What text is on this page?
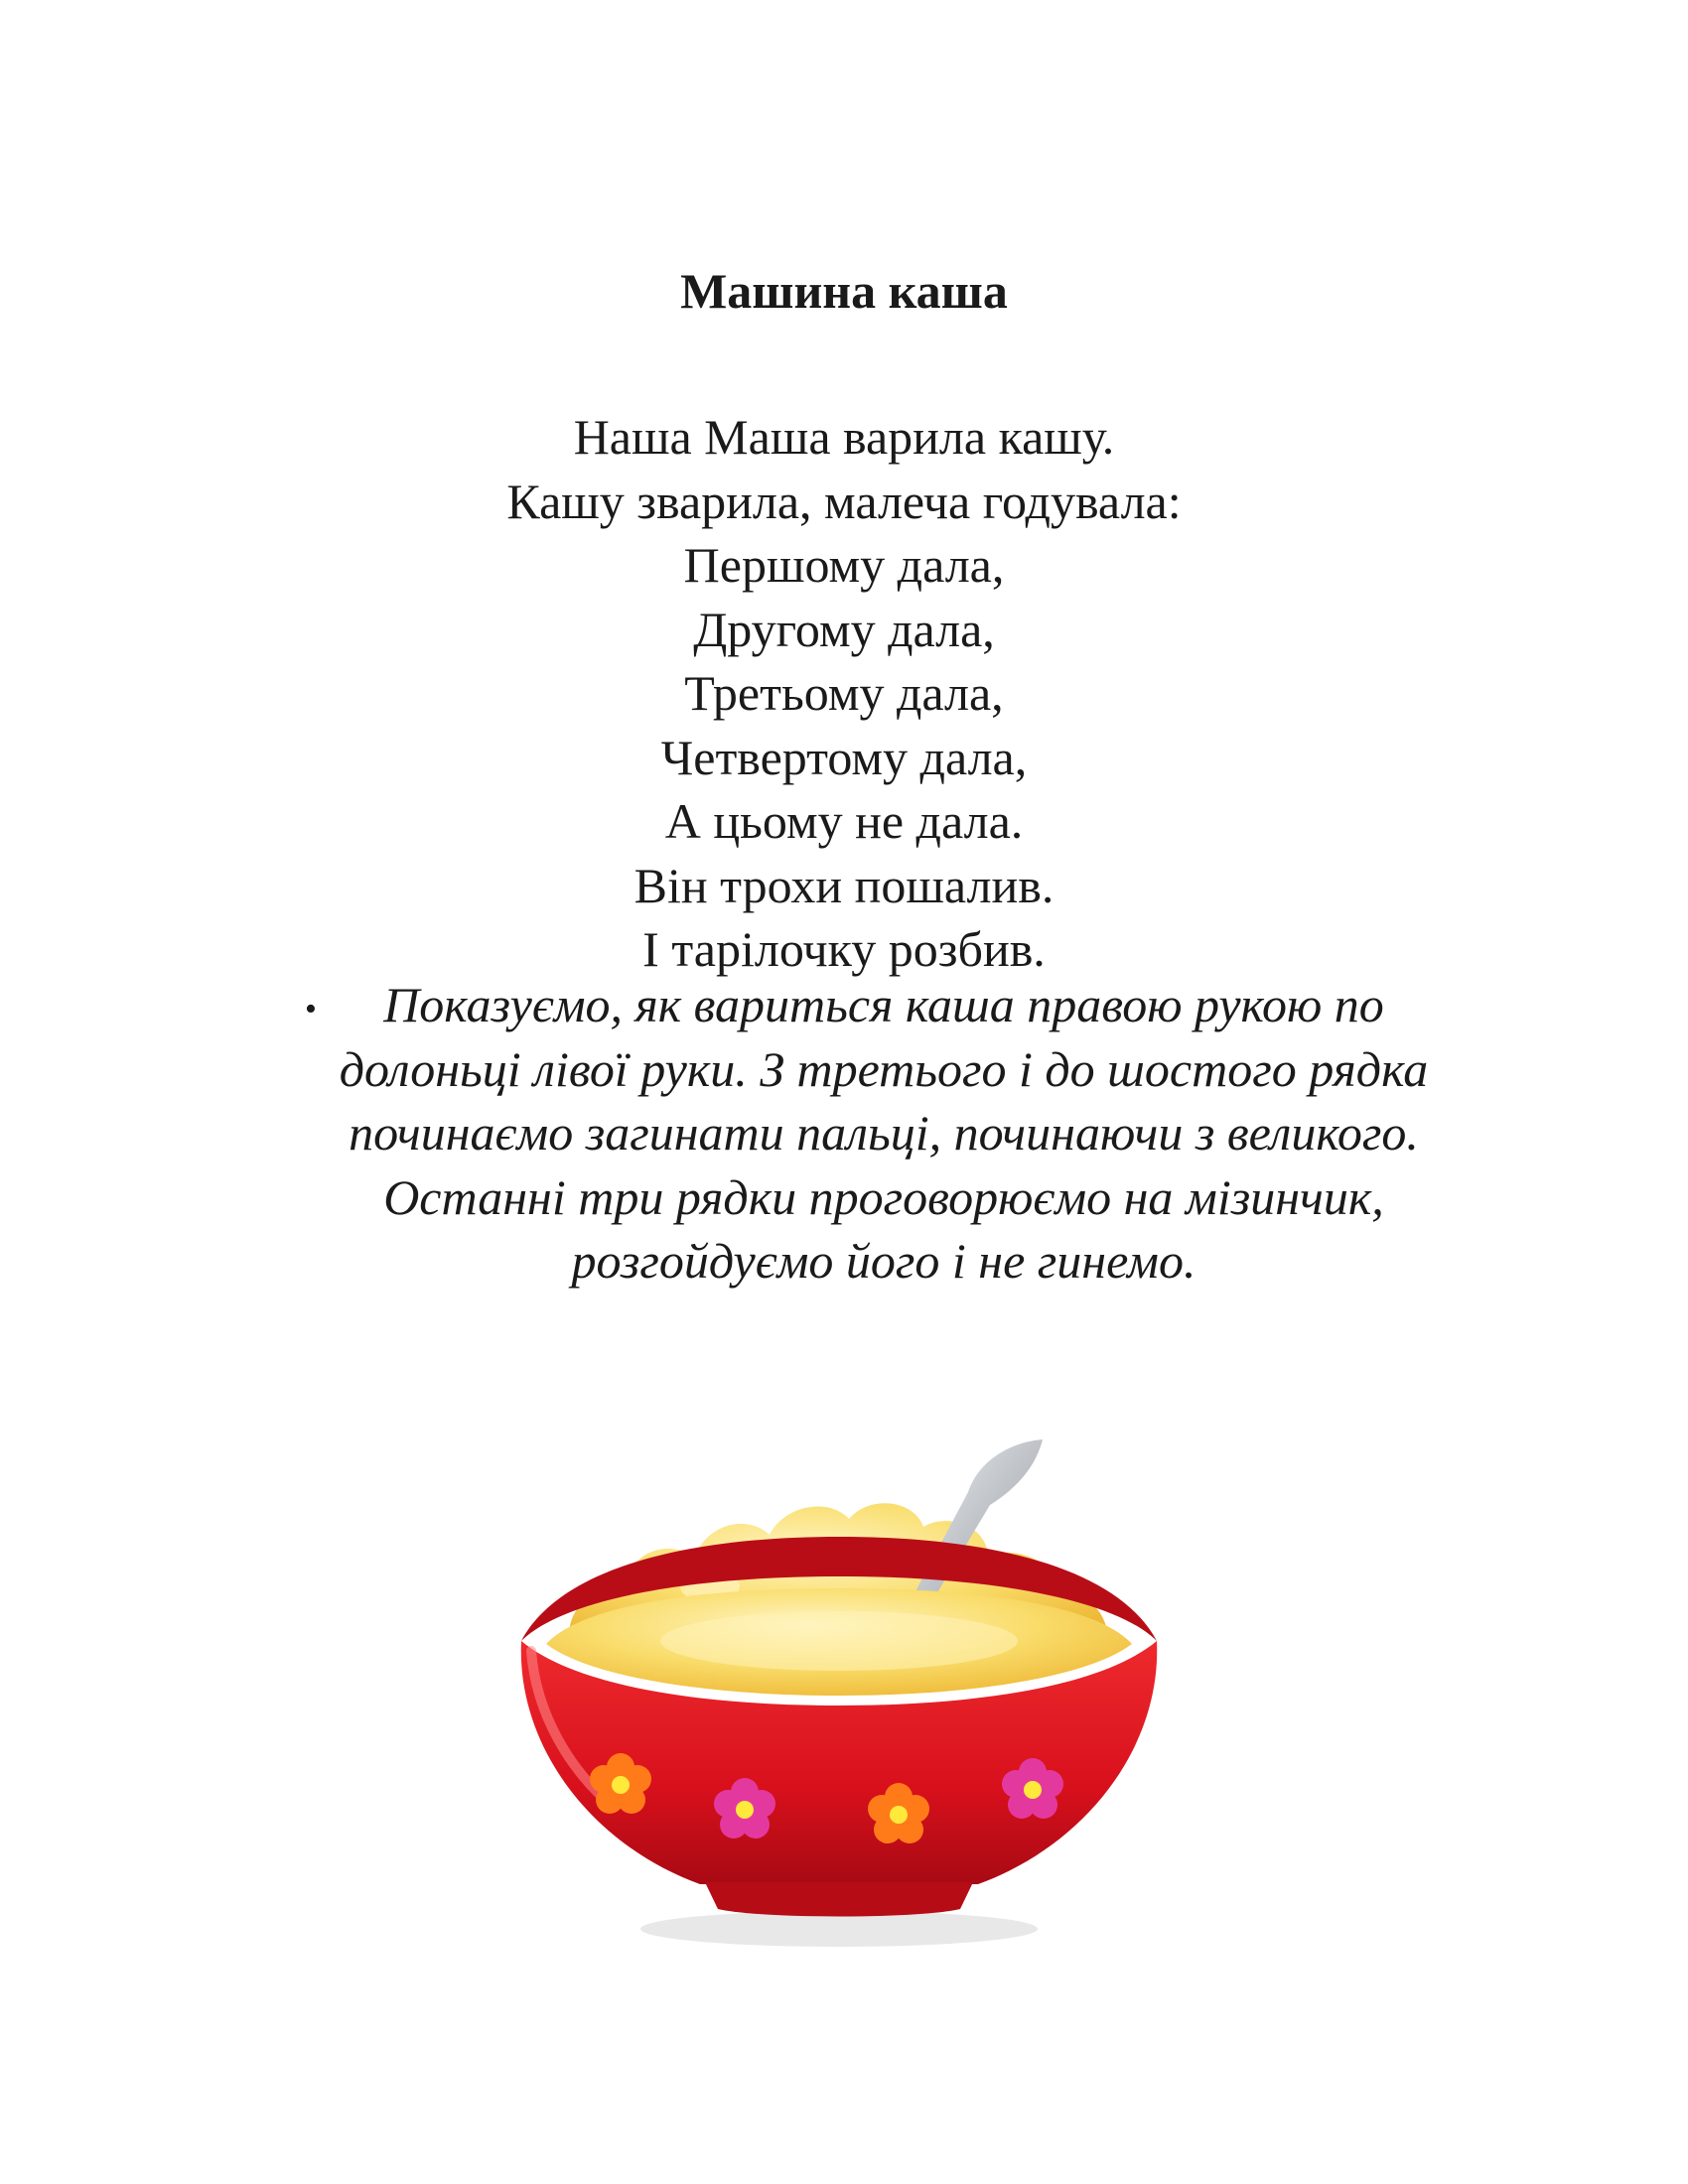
Машина каша
Наша Маша варила кашу.
Кашу зварила, малеча годувала:
Першому дала,
Другому дала,
Третьому дала,
Четвертому дала,
А цьому не дала.
Він трохи пошалив.
І тарілочку розбив.
•	Показуємо, як вариться каша правою рукою по долоньці лівої руки. З третього і до шостого рядка починаємо загинати пальці, починаючи з великого. Останні три рядки проговорюємо на мізинчик, розгойдуємо його і не гинемо.
